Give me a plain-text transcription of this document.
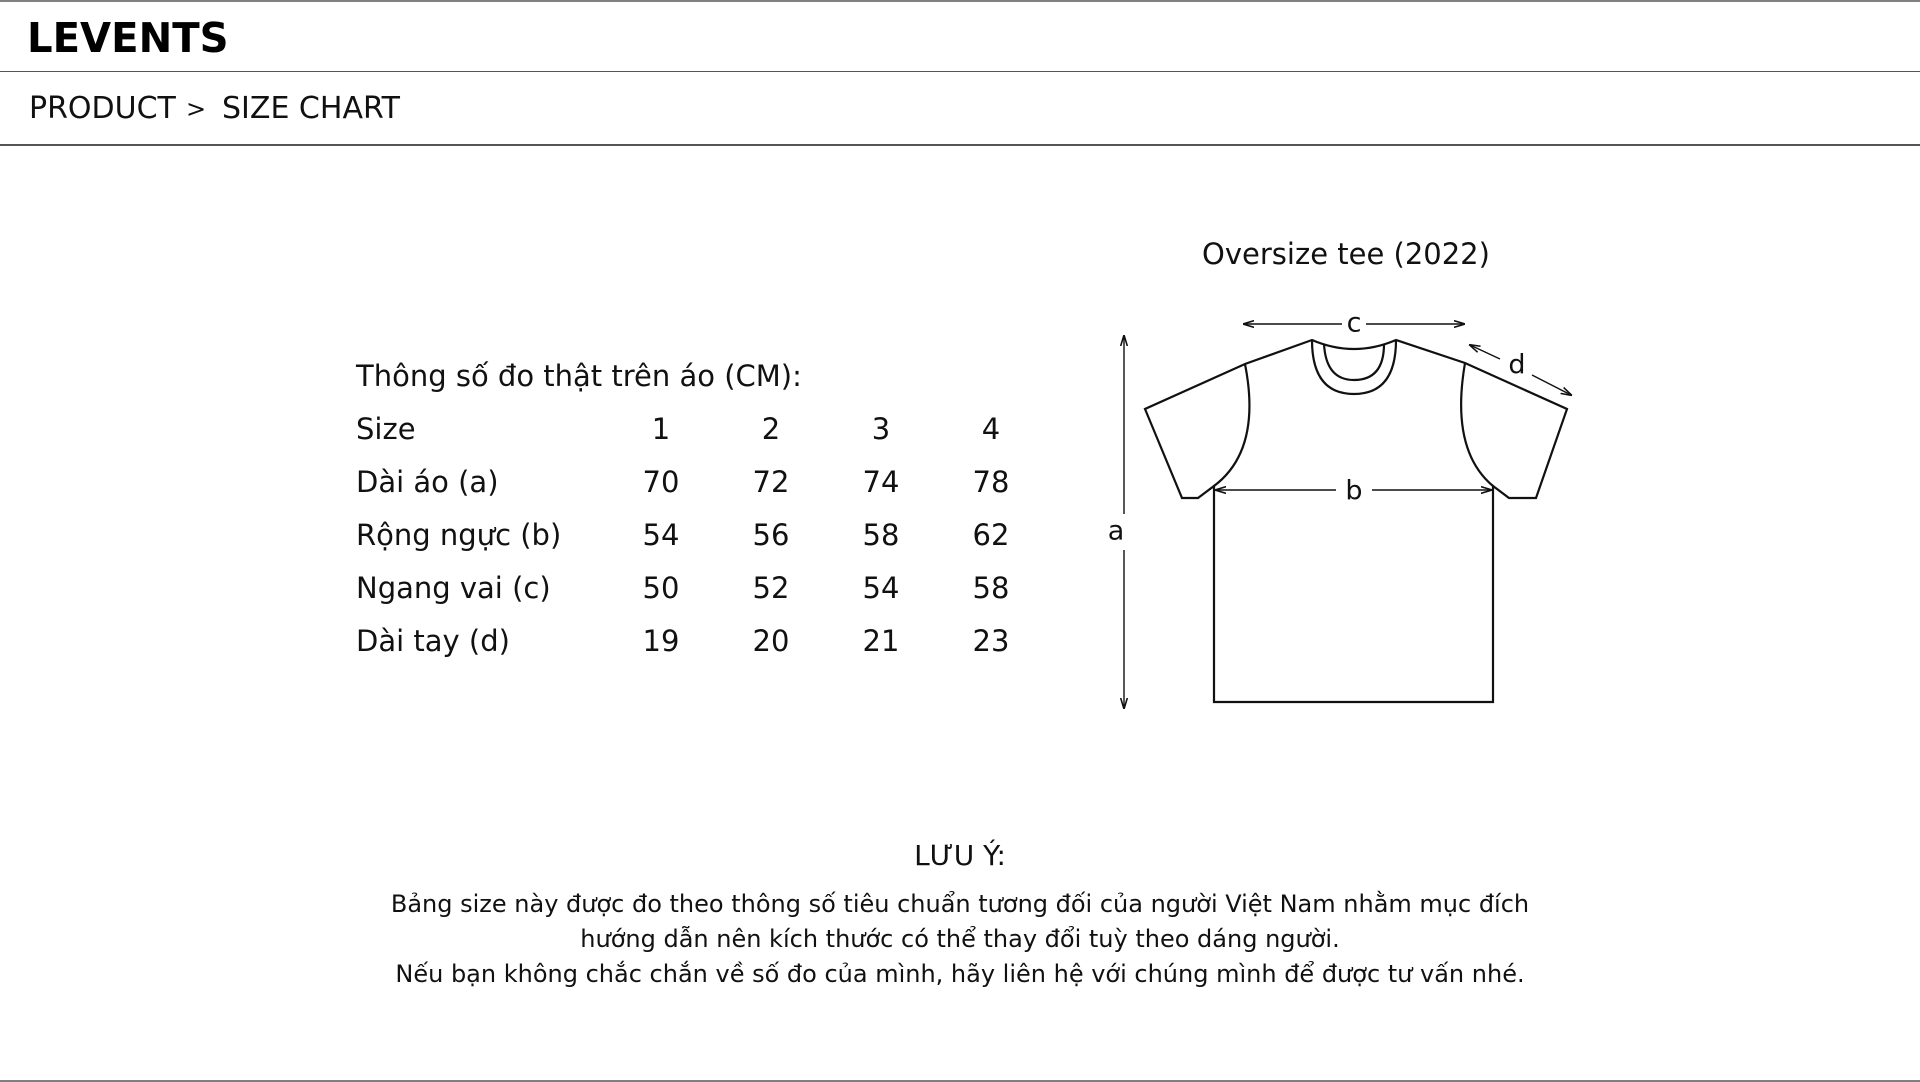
LEVENTS
PRODUCT > SIZE CHART
Thông số đo thật trên áo (CM):
Size	1	2	3	4
Dài áo (a)	70	72	74	78
Rộng ngực (b)	54	56	58	62
Ngang vai (c)	50	52	54	58
Dài tay (d)	19	20	21	23
Oversize tee (2022)
a
b
c
d
LƯU Ý:
Bảng size này được đo theo thông số tiêu chuẩn tương đối của người Việt Nam nhằm mục đích
hướng dẫn nên kích thước có thể thay đổi tuỳ theo dáng người.
Nếu bạn không chắc chắn về số đo của mình, hãy liên hệ với chúng mình để được tư vấn nhé.
